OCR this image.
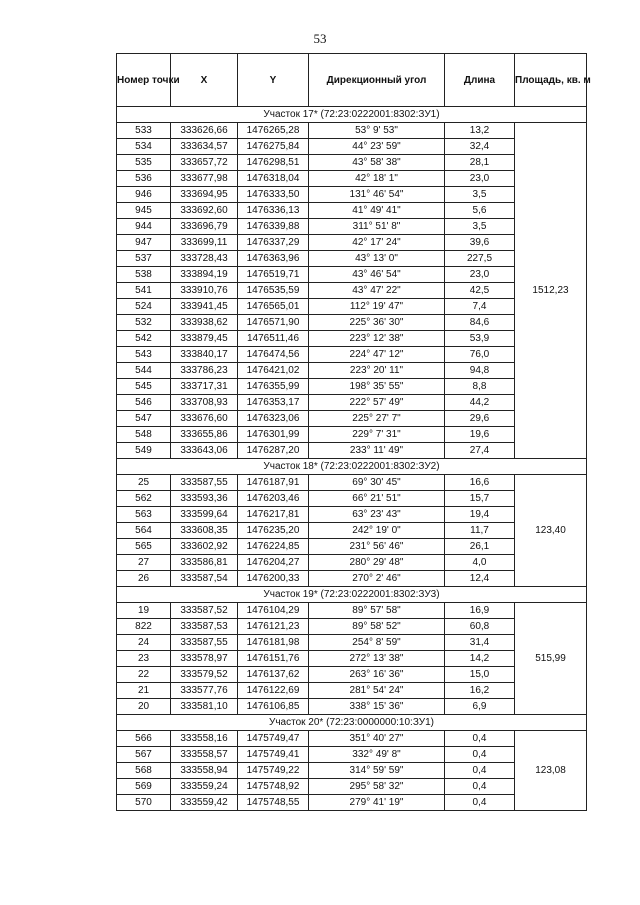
53
Номер точки	X	Y	Дирекционный угол	Длина	Площадь, кв. м
Участок 17* (72:23:0222001:8302:ЗУ1)					
533	333626,66	1476265,28	53° 9' 53"	13,2	1512,23
534	333634,57	1476275,84	44° 23' 59"	32,4	
535	333657,72	1476298,51	43° 58' 38"	28,1	
536	333677,98	1476318,04	42° 18' 1"	23,0	
946	333694,95	1476333,50	131° 46' 54"	3,5	
945	333692,60	1476336,13	41° 49' 41"	5,6	
944	333696,79	1476339,88	311° 51' 8"	3,5	
947	333699,11	1476337,29	42° 17' 24"	39,6	
537	333728,43	1476363,96	43° 13' 0"	227,5	
538	333894,19	1476519,71	43° 46' 54"	23,0	
541	333910,76	1476535,59	43° 47' 22"	42,5	
524	333941,45	1476565,01	112° 19' 47"	7,4	
532	333938,62	1476571,90	225° 36' 30"	84,6	
542	333879,45	1476511,46	223° 12' 38"	53,9	
543	333840,17	1476474,56	224° 47' 12"	76,0	
544	333786,23	1476421,02	223° 20' 11"	94,8	
545	333717,31	1476355,99	198° 35' 55"	8,8	
546	333708,93	1476353,17	222° 57' 49"	44,2	
547	333676,60	1476323,06	225° 27' 7"	29,6	
548	333655,86	1476301,99	229° 7' 31"	19,6	
549	333643,06	1476287,20	233° 11' 49"	27,4	
Участок 18* (72:23:0222001:8302:ЗУ2)					
25	333587,55	1476187,91	69° 30' 45"	16,6	123,40
562	333593,36	1476203,46	66° 21' 51"	15,7	
563	333599,64	1476217,81	63° 23' 43"	19,4	
564	333608,35	1476235,20	242° 19' 0"	11,7	
565	333602,92	1476224,85	231° 56' 46"	26,1	
27	333586,81	1476204,27	280° 29' 48"	4,0	
26	333587,54	1476200,33	270° 2' 46"	12,4	
Участок 19* (72:23:0222001:8302:ЗУ3)					
19	333587,52	1476104,29	89° 57' 58"	16,9	515,99
822	333587,53	1476121,23	89° 58' 52"	60,8	
24	333587,55	1476181,98	254° 8' 59"	31,4	
23	333578,97	1476151,76	272° 13' 38"	14,2	
22	333579,52	1476137,62	263° 16' 36"	15,0	
21	333577,76	1476122,69	281° 54' 24"	16,2	
20	333581,10	1476106,85	338° 15' 36"	6,9	
Участок 20* (72:23:0000000:10:ЗУ1)					
566	333558,16	1475749,47	351° 40' 27"	0,4	123,08
567	333558,57	1475749,41	332° 49' 8"	0,4	
568	333558,94	1475749,22	314° 59' 59"	0,4	
569	333559,24	1475748,92	295° 58' 32"	0,4	
570	333559,42	1475748,55	279° 41' 19"	0,4	
